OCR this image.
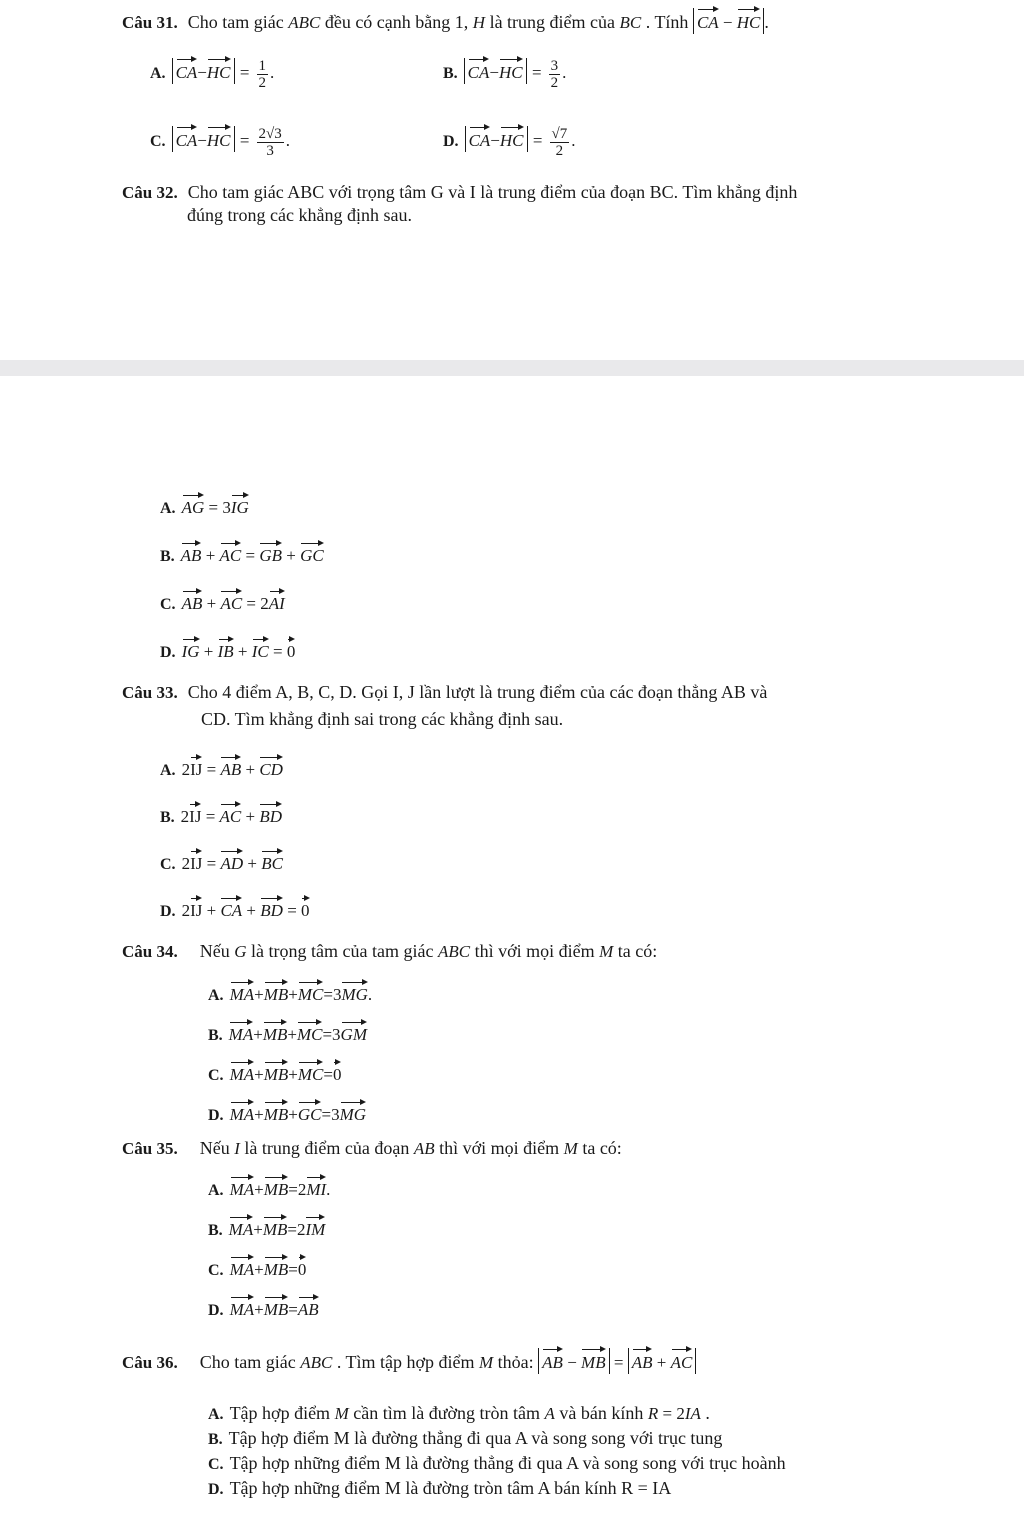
Câu 31. Cho tam giác ABC đều có cạnh bằng 1, H là trung điểm của BC . Tính CA − HC .
A. $CA-HC = \frac{1}{2}$ .	B. $CA-HC = \frac{3}{2}$ .
C. $CA-HC = \frac{2√3}{3}$ .	D. $CA-HC = \frac{√7}{2}$ .
Câu 32. Cho tam giác ABC với trọng tâm G và I là trung điểm của đoạn BC. Tìm khẳng định
đúng trong các khẳng định sau.
A. AG = 3IG
B. AB + AC = GB + GC
C. AB + AC = 2AI
D. IG + IB + IC = 0
Câu 33. Cho 4 điểm A, B, C, D. Gọi I, J lần lượt là trung điểm của các đoạn thẳng AB và
CD. Tìm khẳng định sai trong các khẳng định sau.
A. 2IJ = AB + CD
B. 2IJ = AC + BD
C. 2IJ = AD + BC
D. 2IJ + CA + BD = 0
Câu 34. Nếu G là trọng tâm của tam giác ABC thì với mọi điểm M ta có:
A. MA+MB+MC=3MG.
B. MA+MB+MC=3GM
C. MA+MB+MC=0
D. MA+MB+GC=3MG
Câu 35. Nếu I là trung điểm của đoạn AB thì với mọi điểm M ta có:
A. MA+MB=2MI.
B. MA+MB=2IM
C. MA+MB=0
D. MA+MB=AB
Câu 36. Cho tam giác ABC . Tìm tập hợp điểm M thỏa: AB − MB = AB + AC
A. Tập hợp điểm M cần tìm là đường tròn tâm A và bán kính R = 2IA .
B. Tập hợp điểm M là đường thẳng đi qua A và song song với trục tung
C. Tập hợp những điểm M là đường thẳng đi qua A và song song với trục hoành
D. Tập hợp những điểm M là đường tròn tâm A bán kính R = IA
